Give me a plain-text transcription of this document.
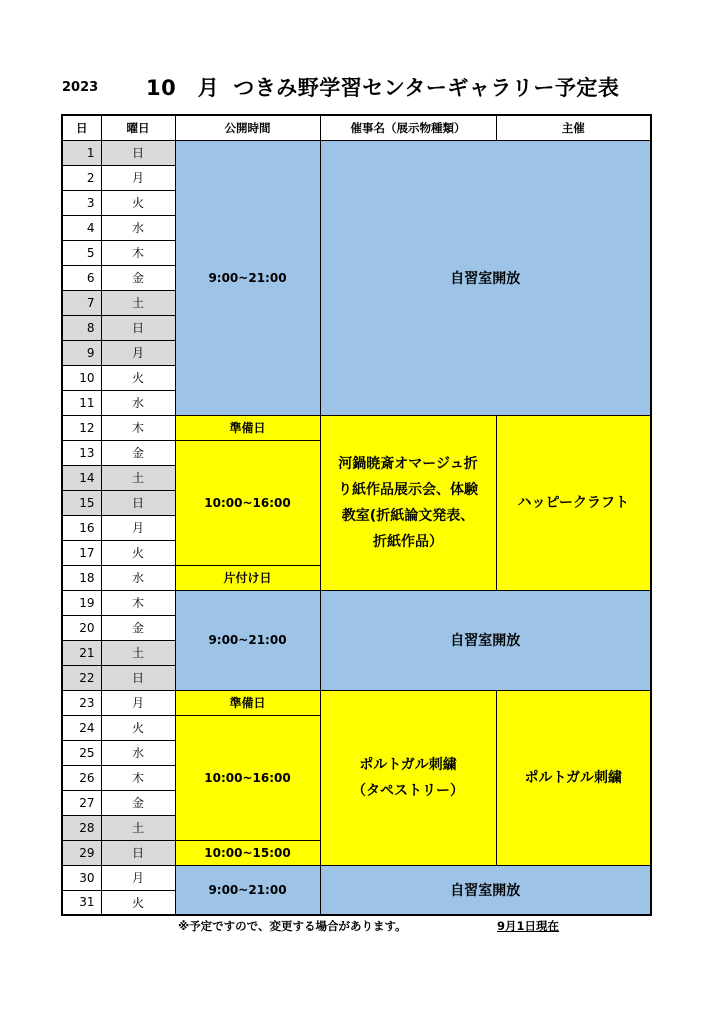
2023 10　月 つきみ野学習センターギャラリー予定表
日	曜日	公開時間	催事名（展示物種類）	主催
1	日	9:00~21:00	自習室開放	
2	月			
3	火			
4	水			
5	木			
6	金			
7	土			
8	日			
9	月			
10	火			
11	水			
12	木	準備日	河鍋暁斎オマージュ折
り紙作品展示会、体験
教室(折紙論文発表、
折紙作品）	ハッピークラフト
13	金	10:00~16:00		
14	土			
15	日			
16	月			
17	火			
18	水	片付け日		
19	木	9:00~21:00	自習室開放	
20	金			
21	土			
22	日			
23	月	準備日	ポルトガル刺繍
（タペストリー）	ポルトガル刺繍
24	火	10:00~16:00		
25	水			
26	木			
27	金			
28	土			
29	日	10:00~15:00		
30	月	9:00~21:00	自習室開放	
31	火			
※予定ですので、変更する場合があります。	9月1日現在
